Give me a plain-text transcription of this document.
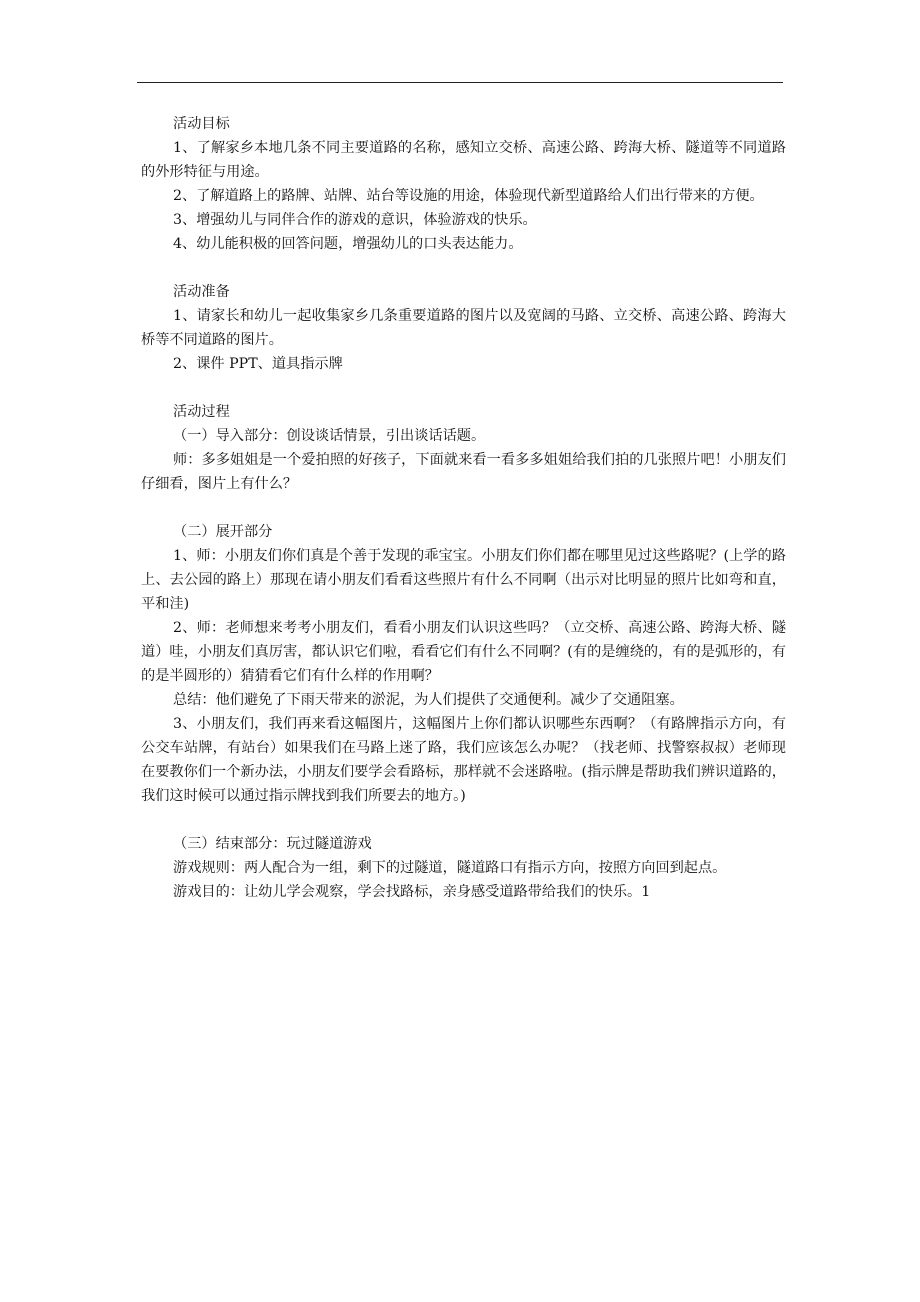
活动目标

1、了解家乡本地几条不同主要道路的名称，感知立交桥、高速公路、跨海大桥、隧道等不同道路的外形特征与用途。

2、了解道路上的路牌、站牌、站台等设施的用途，体验现代新型道路给人们出行带来的方便。

3、增强幼儿与同伴合作的游戏的意识，体验游戏的快乐。

4、幼儿能积极的回答问题，增强幼儿的口头表达能力。

活动准备

1、请家长和幼儿一起收集家乡几条重要道路的图片以及宽阔的马路、立交桥、高速公路、跨海大桥等不同道路的图片。

2、课件 PPT、道具指示牌

活动过程

（一）导入部分：创设谈话情景，引出谈话话题。

师：多多姐姐是一个爱拍照的好孩子，下面就来看一看多多姐姐给我们拍的几张照片吧！小朋友们仔细看，图片上有什么？

（二）展开部分

1、师：小朋友们你们真是个善于发现的乖宝宝。小朋友们你们都在哪里见过这些路呢？(上学的路上、去公园的路上）那现在请小朋友们看看这些照片有什么不同啊（出示对比明显的照片比如弯和直，平和洼)

2、师：老师想来考考小朋友们，看看小朋友们认识这些吗？（立交桥、高速公路、跨海大桥、隧道）哇，小朋友们真厉害，都认识它们啦，看看它们有什么不同啊？(有的是缠绕的，有的是弧形的，有的是半圆形的）猜猜看它们有什么样的作用啊？

总结：他们避免了下雨天带来的淤泥，为人们提供了交通便利。减少了交通阻塞。

3、小朋友们，我们再来看这幅图片，这幅图片上你们都认识哪些东西啊？（有路牌指示方向，有公交车站牌，有站台）如果我们在马路上迷了路，我们应该怎么办呢？（找老师、找警察叔叔）老师现在要教你们一个新办法，小朋友们要学会看路标，那样就不会迷路啦。(指示牌是帮助我们辨识道路的，我们这时候可以通过指示牌找到我们所要去的地方。)

（三）结束部分：玩过隧道游戏

游戏规则：两人配合为一组，剩下的过隧道，隧道路口有指示方向，按照方向回到起点。

游戏目的：让幼儿学会观察，学会找路标，亲身感受道路带给我们的快乐。1
